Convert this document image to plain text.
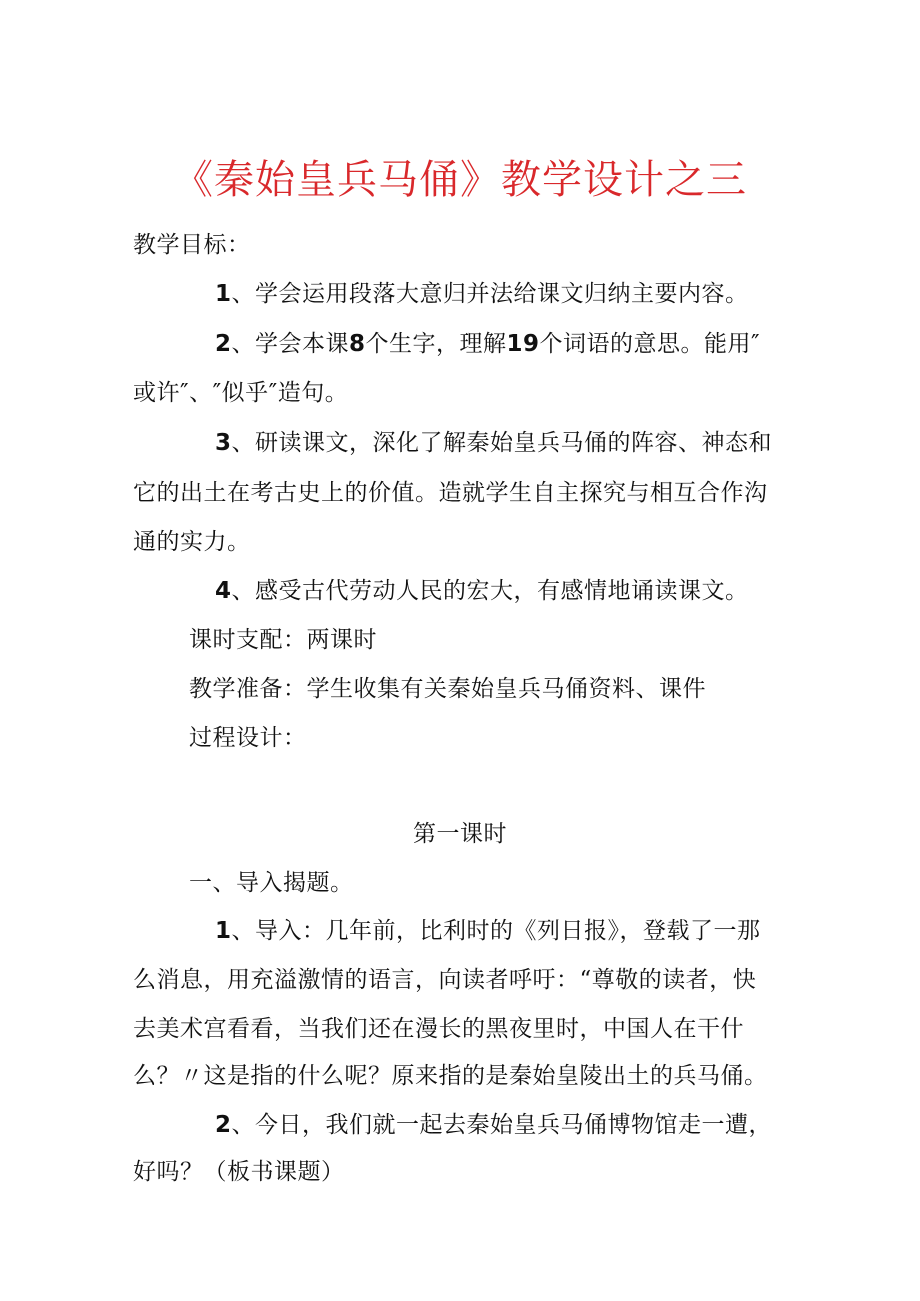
《秦始皇兵马俑》教学设计之三
教学目标：
1、学会运用段落大意归并法给课文归纳主要内容。
2、学会本课8个生字，理解19个词语的意思。能用″
或许″、″似乎″造句。
3、研读课文，深化了解秦始皇兵马俑的阵容、神态和
它的出土在考古史上的价值。造就学生自主探究与相互合作沟
通的实力。
4、感受古代劳动人民的宏大，有感情地诵读课文。
课时支配：两课时
教学准备：学生收集有关秦始皇兵马俑资料、课件
过程设计：
第一课时
一、导入揭题。
1、导入：几年前，比利时的《列日报》，登载了一那
么消息，用充溢激情的语言，向读者呼吁：“尊敬的读者，快
去美术宫看看，当我们还在漫长的黑夜里时，中国人在干什
么？〃这是指的什么呢？原来指的是秦始皇陵出土的兵马俑。
2、今日，我们就一起去秦始皇兵马俑博物馆走一遭，
好吗？（板书课题）
